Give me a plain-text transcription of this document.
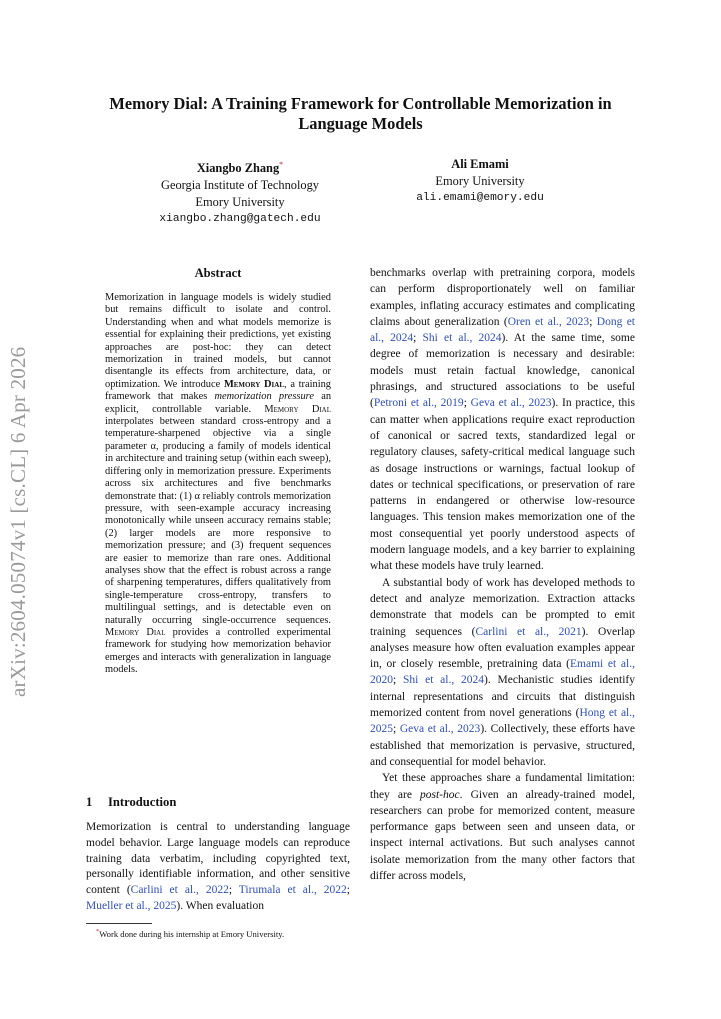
arXiv:2604.05074v1 [cs.CL] 6 Apr 2026
Memory Dial: A Training Framework for Controllable Memorization in Language Models
Xiangbo Zhang*
Georgia Institute of Technology
Emory University
xiangbo.zhang@gatech.edu
Ali Emami
Emory University
ali.emami@emory.edu
Abstract
Memorization in language models is widely studied but remains difficult to isolate and control. Understanding when and what models memorize is essential for explaining their predictions, yet existing approaches are post-hoc: they can detect memorization in trained models, but cannot disentangle its effects from architecture, data, or optimization. We introduce Memory Dial, a training framework that makes memorization pressure an explicit, controllable variable. Memory Dial interpolates between standard cross-entropy and a temperature-sharpened objective via a single parameter α, producing a family of models identical in architecture and training setup (within each sweep), differing only in memorization pressure. Experiments across six architectures and five benchmarks demonstrate that: (1) α reliably controls memorization pressure, with seen-example accuracy increasing monotonically while unseen accuracy remains stable; (2) larger models are more responsive to memorization pressure; and (3) frequent sequences are easier to memorize than rare ones. Additional analyses show that the effect is robust across a range of sharpening temperatures, differs qualitatively from single-temperature cross-entropy, transfers to multilingual settings, and is detectable even on naturally occurring single-occurrence sequences. Memory Dial provides a controlled experimental framework for studying how memorization behavior emerges and interacts with generalization in language models.
1 Introduction
Memorization is central to understanding language model behavior. Large language models can reproduce training data verbatim, including copyrighted text, personally identifiable information, and other sensitive content (Carlini et al., 2022; Tirumala et al., 2022; Mueller et al., 2025). When evaluation
*Work done during his internship at Emory University.

benchmarks overlap with pretraining corpora, models can perform disproportionately well on familiar examples, inflating accuracy estimates and complicating claims about generalization (Oren et al., 2023; Dong et al., 2024; Shi et al., 2024). At the same time, some degree of memorization is necessary and desirable: models must retain factual knowledge, canonical phrasings, and structured associations to be useful (Petroni et al., 2019; Geva et al., 2023). In practice, this can matter when applications require exact reproduction of canonical or sacred texts, standardized legal or regulatory clauses, safety-critical medical language such as dosage instructions or warnings, factual lookup of dates or technical specifications, or preservation of rare patterns in endangered or otherwise low-resource languages. This tension makes memorization one of the most consequential yet poorly understood aspects of modern language models, and a key barrier to explaining what these models have truly learned.

A substantial body of work has developed methods to detect and analyze memorization. Extraction attacks demonstrate that models can be prompted to emit training sequences (Carlini et al., 2021). Overlap analyses measure how often evaluation examples appear in, or closely resemble, pretraining data (Emami et al., 2020; Shi et al., 2024). Mechanistic studies identify internal representations and circuits that distinguish memorized content from novel generations (Hong et al., 2025; Geva et al., 2023). Collectively, these efforts have established that memorization is pervasive, structured, and consequential for model behavior.

Yet these approaches share a fundamental limitation: they are post-hoc. Given an already-trained model, researchers can probe for memorized content, measure performance gaps between seen and unseen data, or inspect internal activations. But such analyses cannot isolate memorization from the many other factors that differ across models,
